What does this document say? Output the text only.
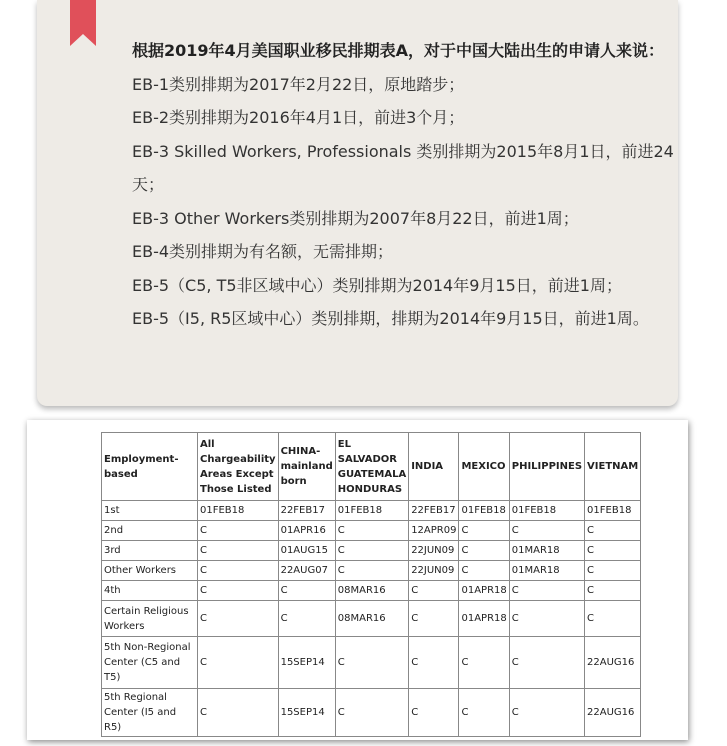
根据2019年4月美国职业移民排期表A，对于中国大陆出生的申请人来说：

EB-1类别排期为2017年2月22日，原地踏步；

EB-2类别排期为2016年4月1日，前进3个月；

EB-3 Skilled Workers, Professionals 类别排期为2015年8月1日，前进24天；

EB-3 Other Workers类别排期为2007年8月22日，前进1周；

EB-4类别排期为有名额，无需排期；

EB-5（C5, T5非区域中心）类别排期为2014年9月15日，前进1周；

EB-5（I5, R5区域中心）类别排期，排期为2014年9月15日，前进1周。

Employment-based	All Chargeability Areas Except Those Listed	CHINA-mainland born	EL SALVADOR GUATEMALA HONDURAS	INDIA	MEXICO	PHILIPPINES	VIETNAM
1st	01FEB18	22FEB17	01FEB18	22FEB17	01FEB18	01FEB18	01FEB18
2nd	C	01APR16	C	12APR09	C	C	C
3rd	C	01AUG15	C	22JUN09	C	01MAR18	C
Other Workers	C	22AUG07	C	22JUN09	C	01MAR18	C
4th	C	C	08MAR16	C	01APR18	C	C
Certain Religious Workers	C	C	08MAR16	C	01APR18	C	C
5th Non-Regional Center (C5 and T5)	C	15SEP14	C	C	C	C	22AUG16
5th Regional Center (I5 and R5)	C	15SEP14	C	C	C	C	22AUG16
